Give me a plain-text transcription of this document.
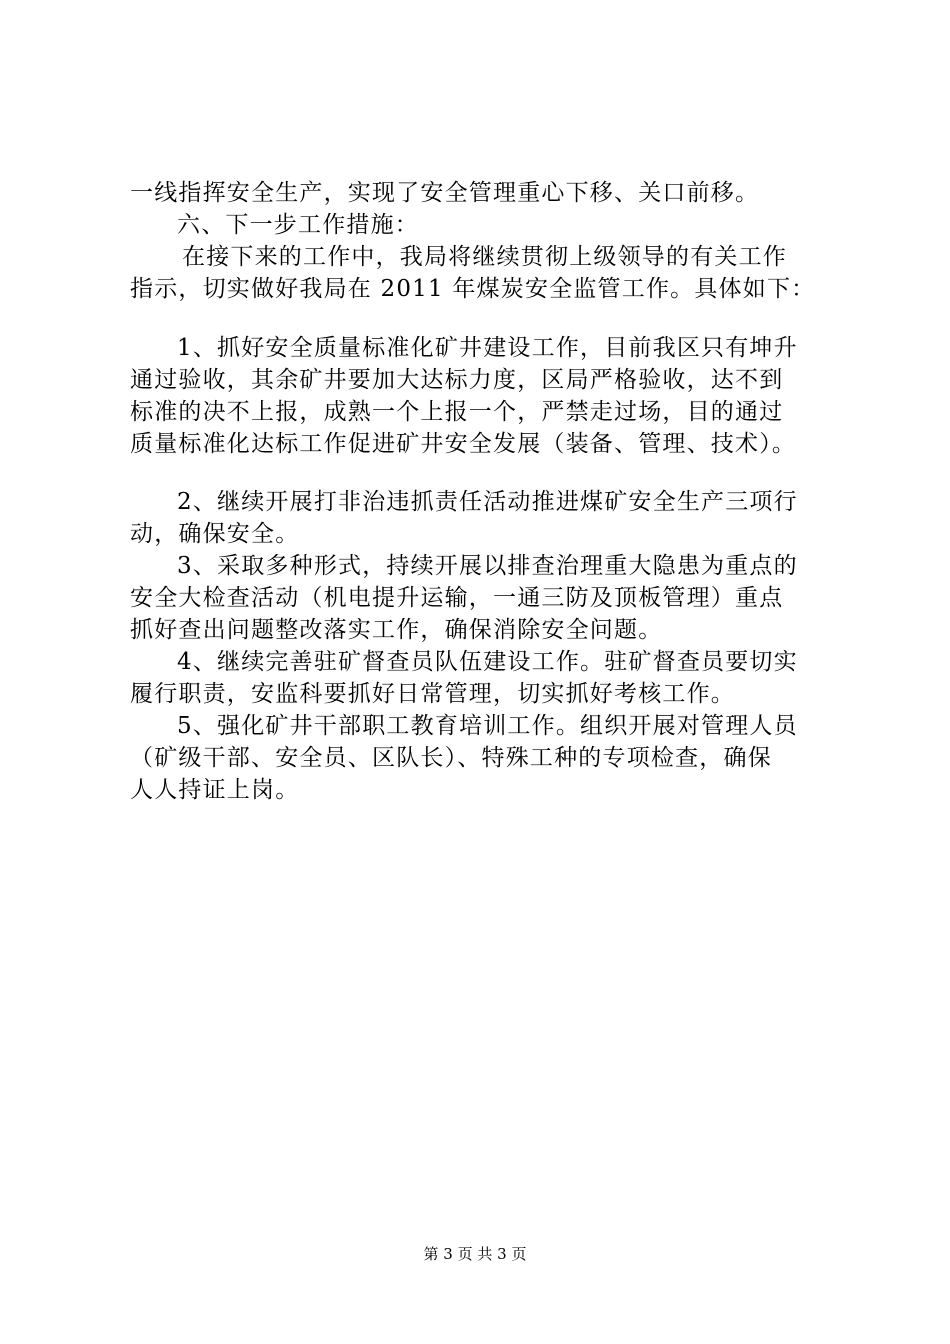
一线指挥安全生产，实现了安全管理重心下移、关口前移。
六、下一步工作措施：
在接下来的工作中，我局将继续贯彻上级领导的有关工作
指示，切实做好我局在 2011 年煤炭安全监管工作。具体如下：
1、抓好安全质量标准化矿井建设工作，目前我区只有坤升
通过验收，其余矿井要加大达标力度，区局严格验收，达不到
标准的决不上报，成熟一个上报一个，严禁走过场，目的通过
质量标准化达标工作促进矿井安全发展（装备、管理、技术）。
2、继续开展打非治违抓责任活动推进煤矿安全生产三项行
动，确保安全。
3、采取多种形式，持续开展以排查治理重大隐患为重点的
安全大检查活动（机电提升运输，一通三防及顶板管理）重点
抓好查出问题整改落实工作，确保消除安全问题。
4、继续完善驻矿督查员队伍建设工作。驻矿督查员要切实
履行职责，安监科要抓好日常管理，切实抓好考核工作。
5、强化矿井干部职工教育培训工作。组织开展对管理人员
（矿级干部、安全员、区队长）、特殊工种的专项检查，确保
人人持证上岗。
第 3 页 共 3 页
